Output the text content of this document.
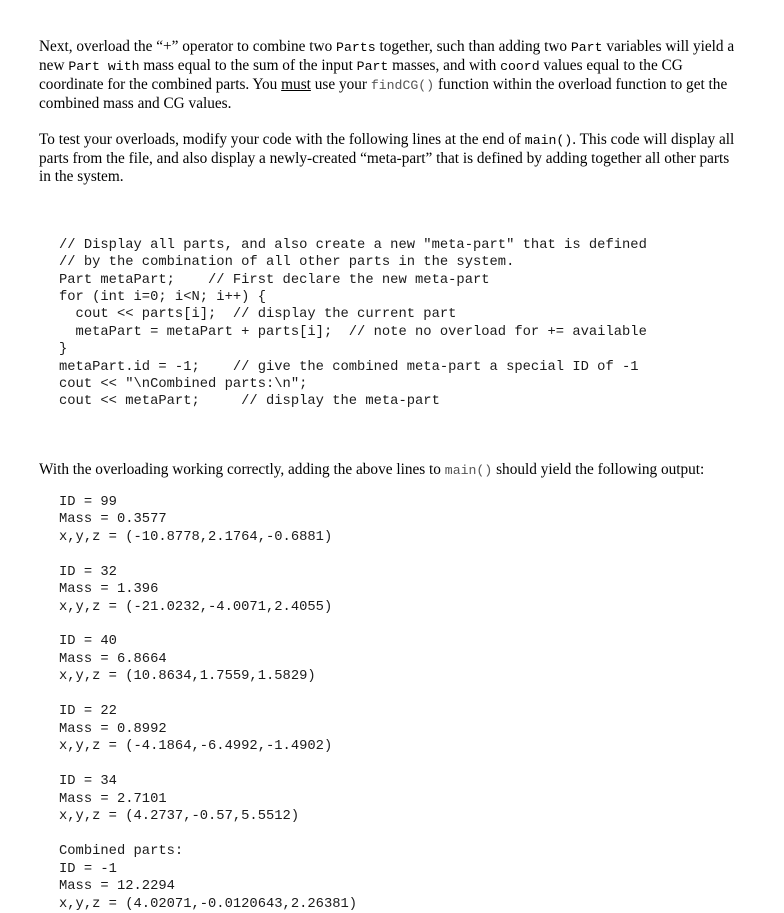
Next, overload the “+” operator to combine two Parts together, such than adding two Part variables will yield a new Part with mass equal to the sum of the input Part masses, and with coord values equal to the CG coordinate for the combined parts. You must use your findCG() function within the overload function to get the combined mass and CG values.

To test your overloads, modify your code with the following lines at the end of main(). This code will display all parts from the file, and also display a newly-created “meta-part” that is defined by adding together all other parts in the system.

// Display all parts, and also create a new "meta-part" that is defined
// by the combination of all other parts in the system.
Part metaPart;    // First declare the new meta-part
for (int i=0; i<N; i++) {
cout << parts[i];  // display the current part
metaPart = metaPart + parts[i];  // note no overload for += available
}
metaPart.id = -1;    // give the combined meta-part a special ID of -1
cout << "\nCombined parts:\n";
cout << metaPart;     // display the meta-part

With the overloading working correctly, adding the above lines to main() should yield the following output:

ID = 99
Mass = 0.3577
x,y,z = (-10.8778,2.1764,-0.6881)
ID = 32
Mass = 1.396
x,y,z = (-21.0232,-4.0071,2.4055)
ID = 40
Mass = 6.8664
x,y,z = (10.8634,1.7559,1.5829)
ID = 22
Mass = 0.8992
x,y,z = (-4.1864,-6.4992,-1.4902)
ID = 34
Mass = 2.7101
x,y,z = (4.2737,-0.57,5.5512)
Combined parts:
ID = -1
Mass = 12.2294
x,y,z = (4.02071,-0.0120643,2.26381)
